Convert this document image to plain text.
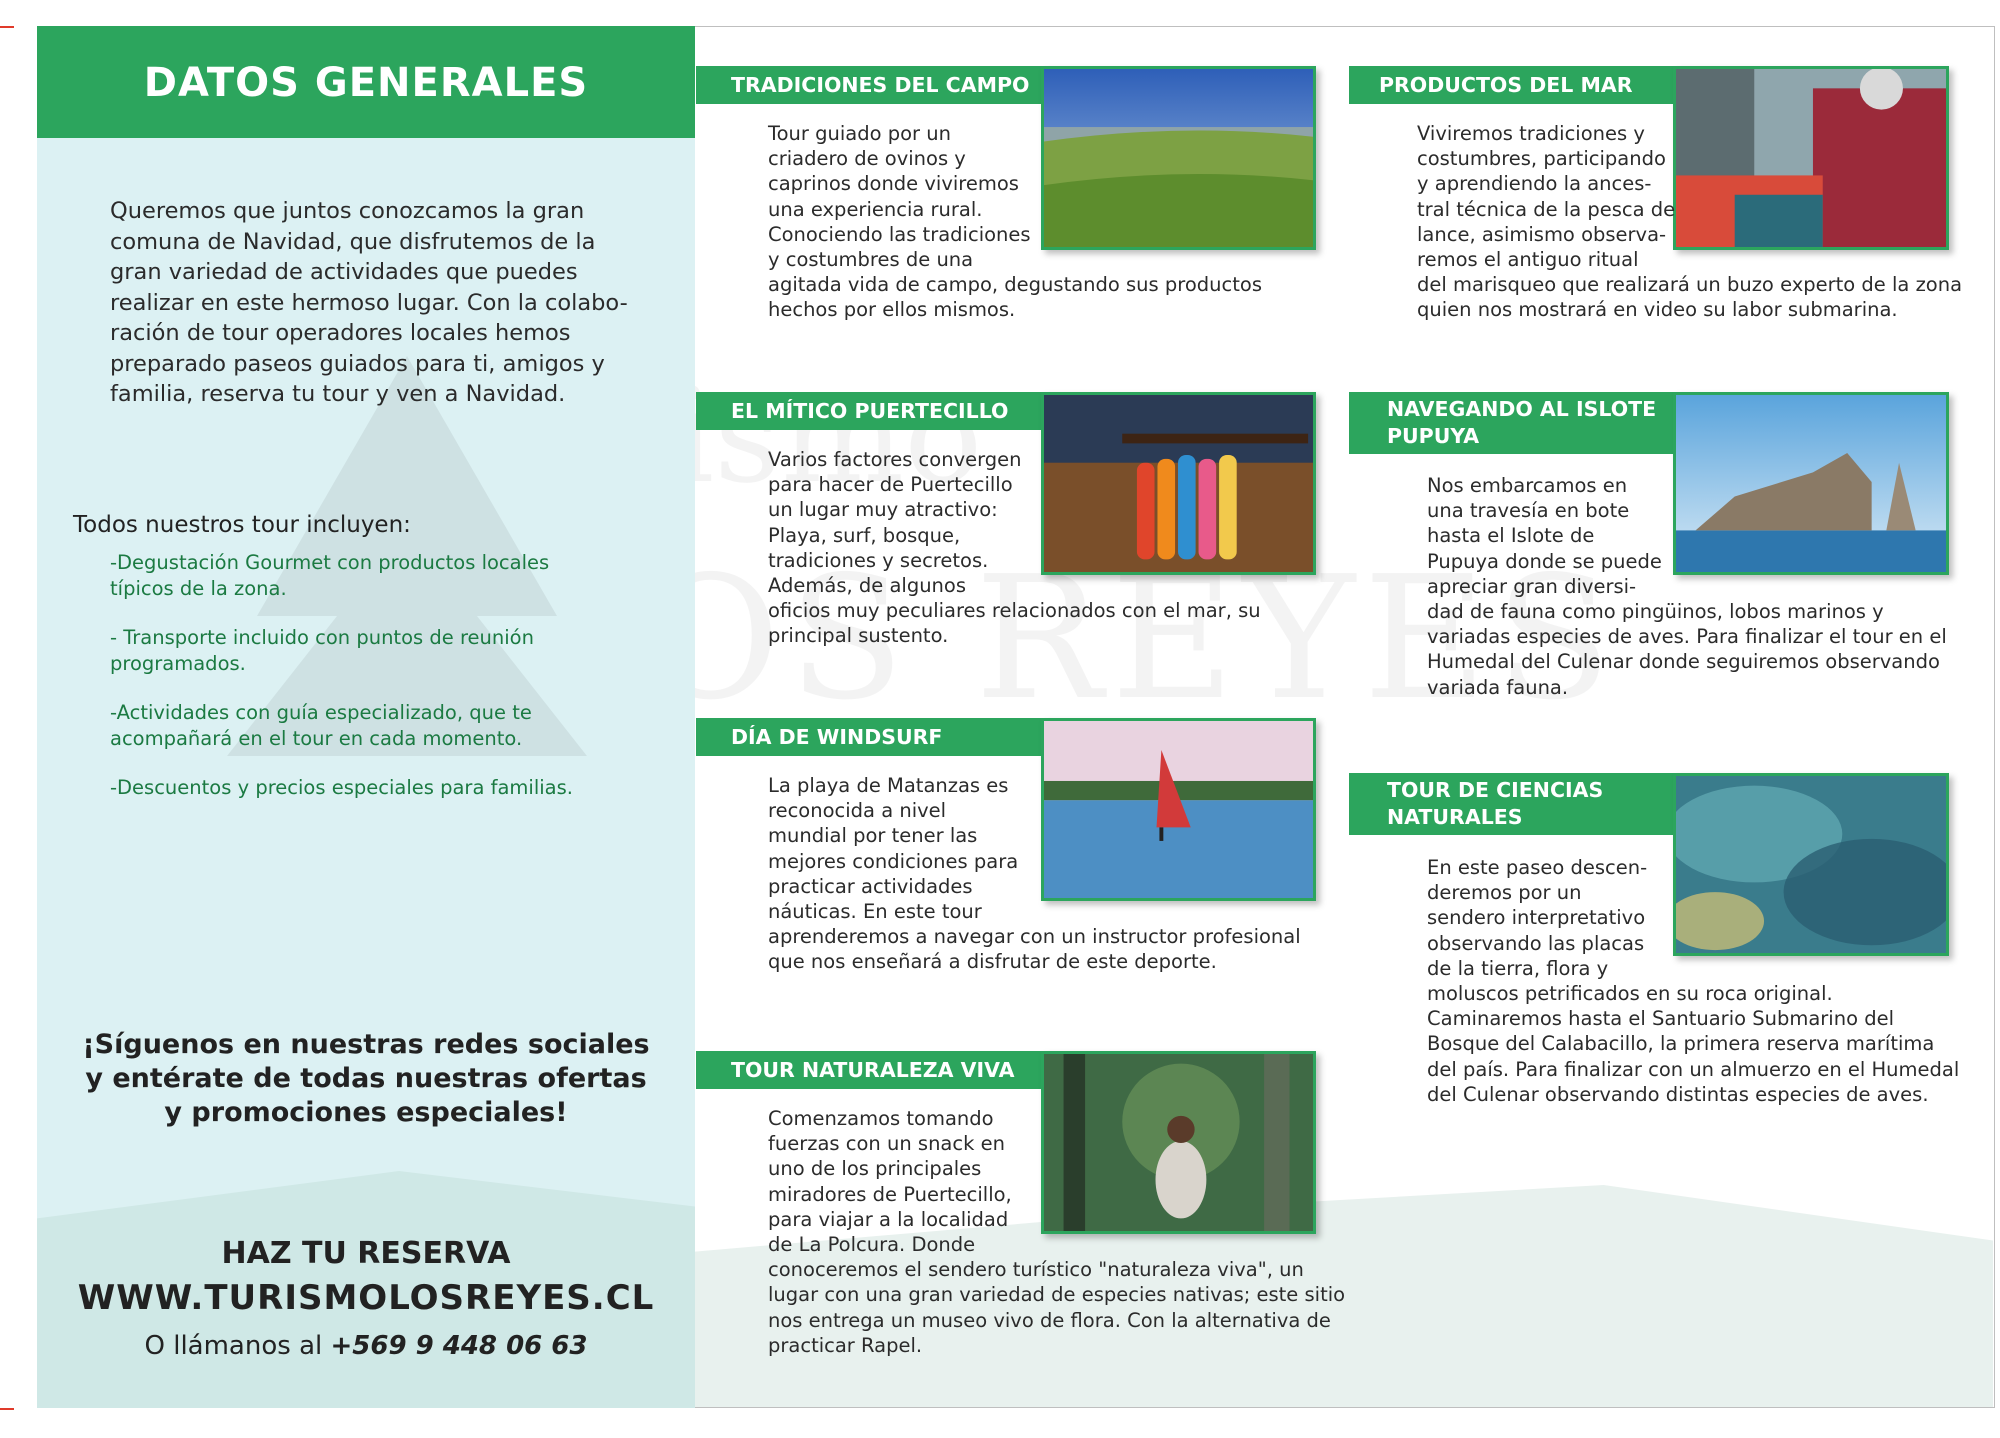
DATOS GENERALES
Queremos que juntos conozcamos la gran
comuna de Navidad, que disfrutemos de la
gran variedad de actividades que puedes
realizar en este hermoso lugar. Con la colabo-
ración de tour operadores locales hemos
preparado paseos guiados para ti, amigos y
familia, reserva tu tour y ven a Navidad.
Todos nuestros tour incluyen:
-Degustación Gourmet con productos locales típicos de la zona.
- Transporte incluido con puntos de reunión programados.
-Actividades con guía especializado, que te acompañará en el tour en cada momento.
-Descuentos y precios especiales para familias.
¡Síguenos en nuestras redes sociales
y entérate de todas nuestras ofertas
y promociones especiales!
HAZ TU RESERVA
WWW.TURISMOLOSREYES.CL
O llámanos al +569 9 448 06 63
TRADICIONES DEL CAMPO
Tour guiado por un
criadero de ovinos y
caprinos donde viviremos
una experiencia rural.
Conociendo las tradiciones
y costumbres de una
agitada vida de campo, degustando sus productos
hechos por ellos mismos.
EL MÍTICO PUERTECILLO
Varios factores convergen
para hacer de Puertecillo
un lugar muy atractivo:
Playa, surf, bosque,
tradiciones y secretos.
Además, de algunos
oficios muy peculiares relacionados con el mar, su
principal sustento.
DÍA DE WINDSURF
La playa de Matanzas es
reconocida a nivel
mundial por tener las
mejores condiciones para
practicar actividades
náuticas. En este tour
aprenderemos a navegar con un instructor profesional
que nos enseñará a disfrutar de este deporte.
TOUR NATURALEZA VIVA
Comenzamos tomando
fuerzas con un snack en
uno de los principales
miradores de Puertecillo,
para viajar a la localidad
de La Polcura. Donde
conoceremos el sendero turístico "naturaleza viva", un
lugar con una gran variedad de especies nativas; este sitio
nos entrega un museo vivo de flora. Con la alternativa de
practicar Rapel.
PRODUCTOS DEL MAR
Viviremos tradiciones y
costumbres, participando
y aprendiendo la ances-
tral técnica de la pesca de
lance, asimismo observa-
remos el antiguo ritual
del marisqueo que realizará un buzo experto de la zona
quien nos mostrará en video su labor submarina.
NAVEGANDO AL ISLOTE
PUPUYA
Nos embarcamos en
una travesía en bote
hasta el Islote de
Pupuya donde se puede
apreciar gran diversi-
dad de fauna como pingüinos, lobos marinos y
variadas especies de aves. Para finalizar el tour en el
Humedal del Culenar donde seguiremos observando
variada fauna.
TOUR DE CIENCIAS
NATURALES
En este paseo descen-
deremos por un
sendero interpretativo
observando las placas
de la tierra, flora y
moluscos petrificados en su roca original.
Caminaremos hasta el Santuario Submarino del
Bosque del Calabacillo, la primera reserva marítima
del país. Para finalizar con un almuerzo en el Humedal
del Culenar observando distintas especies de aves.
